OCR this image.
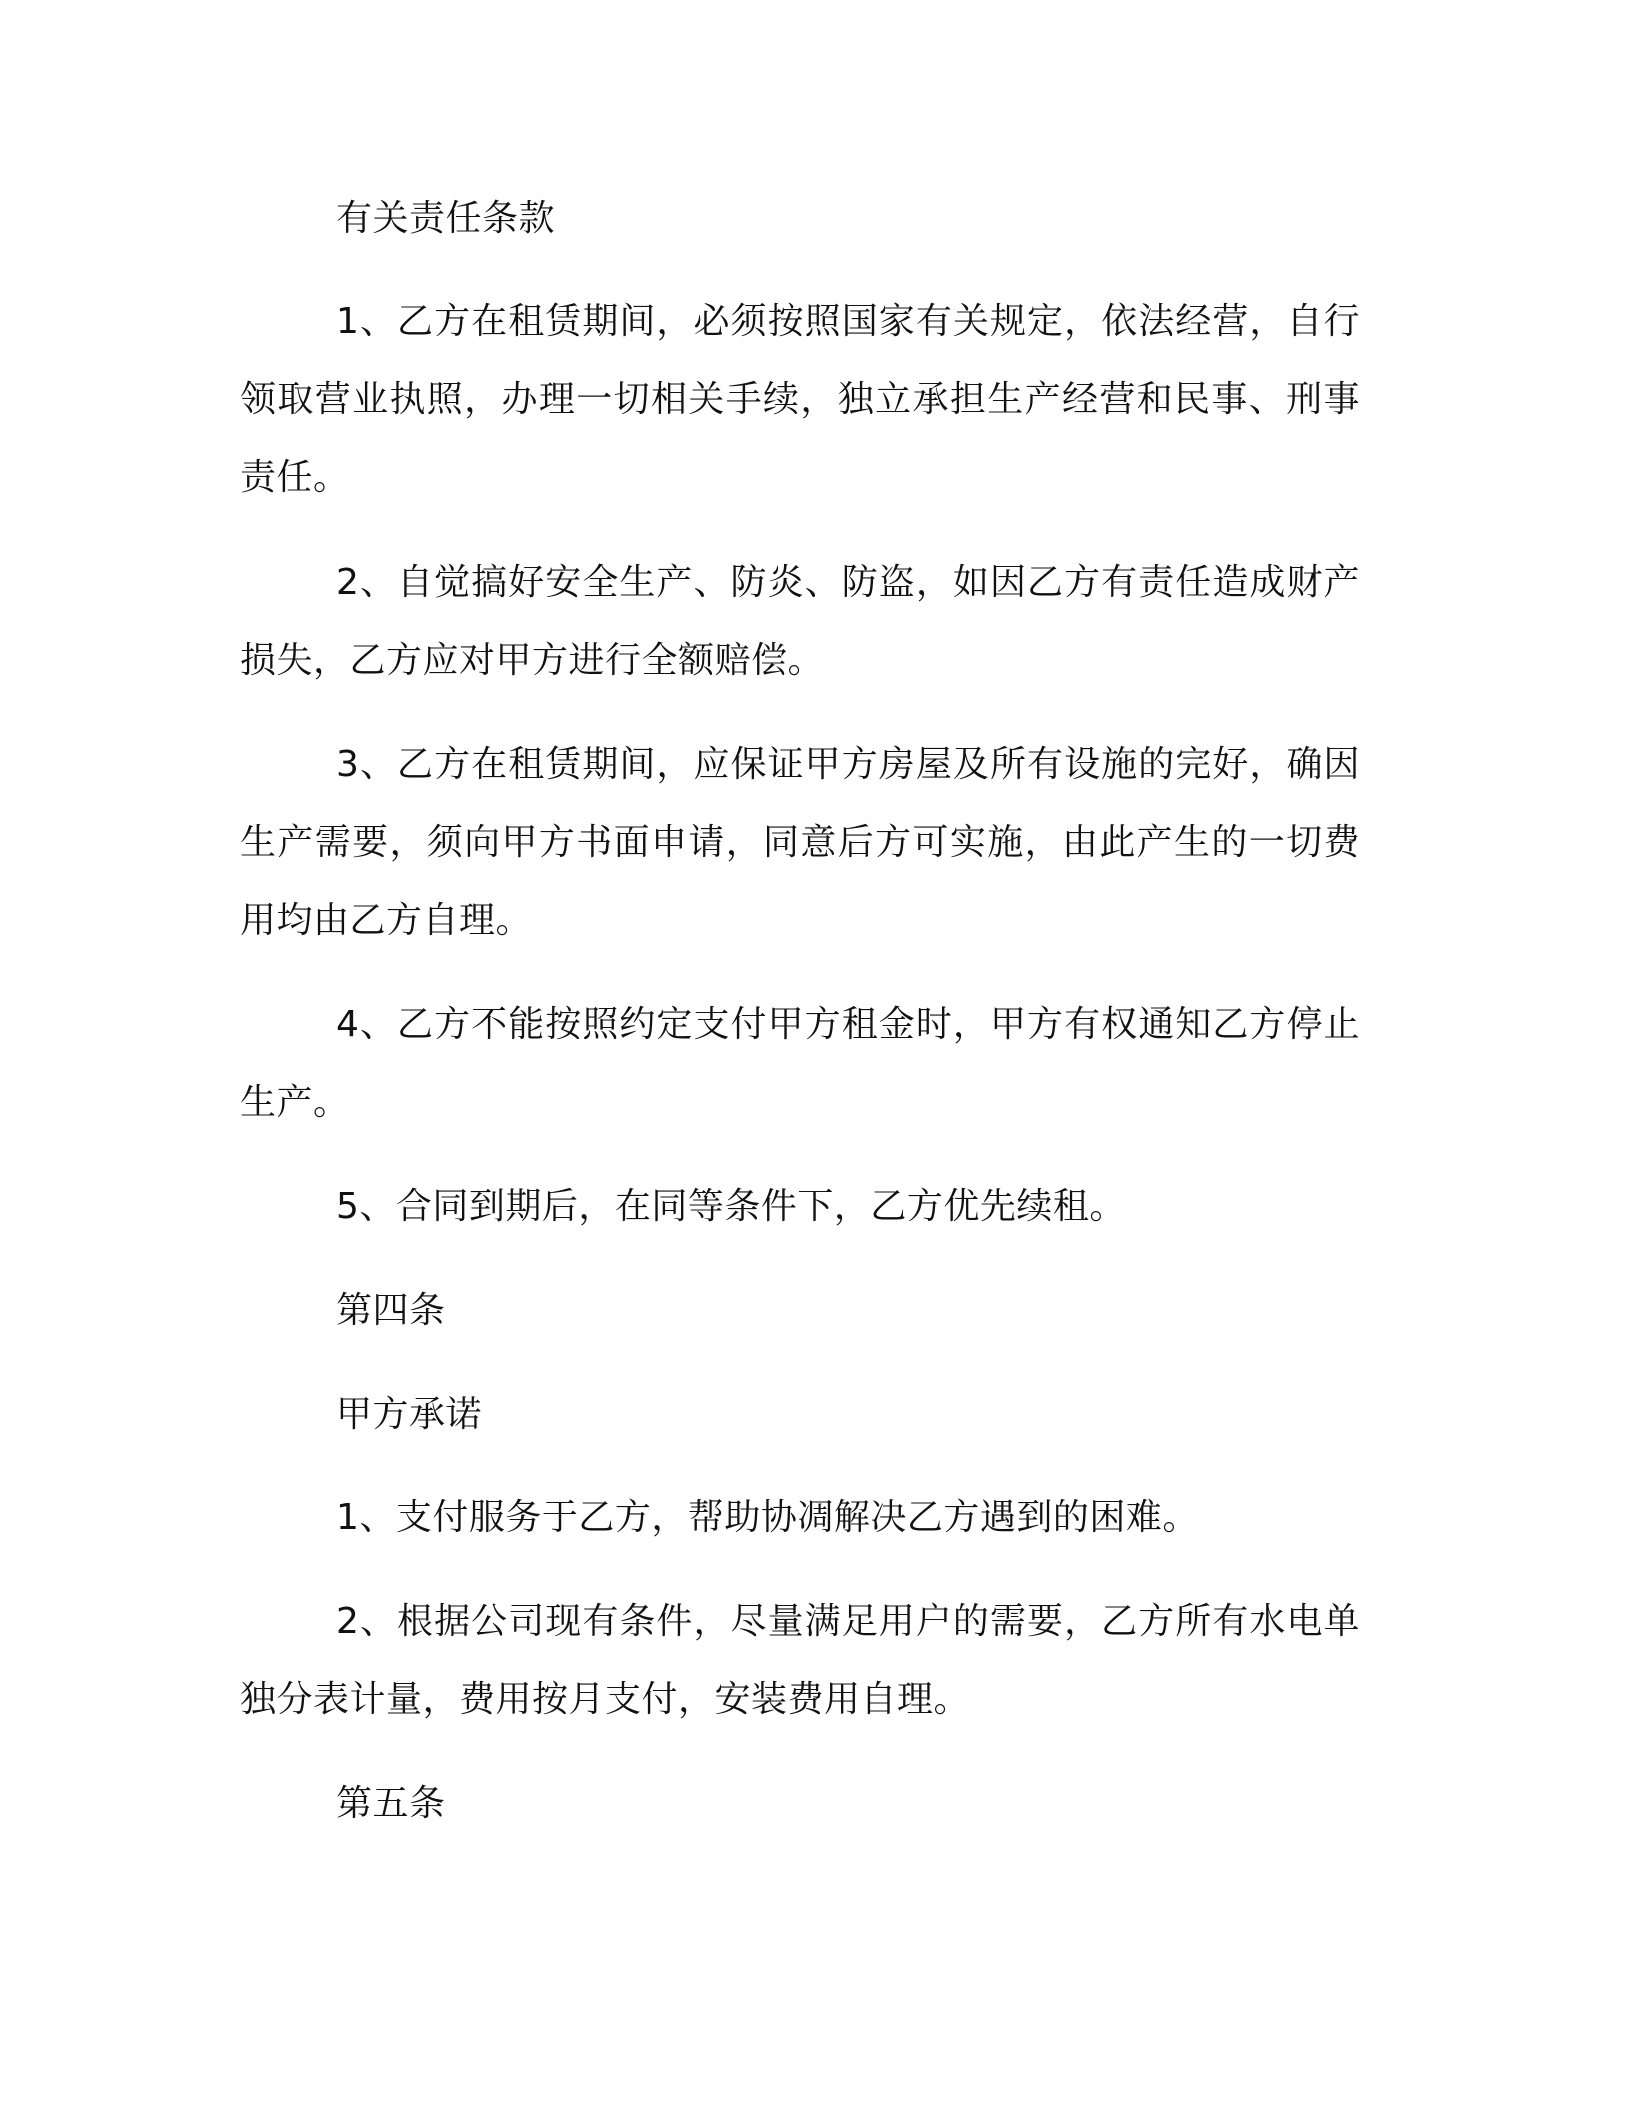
有关责任条款

1、乙方在租赁期间，必须按照国家有关规定，依法经营，自行领取营业执照，办理一切相关手续，独立承担生产经营和民事、刑事责任。

2、自觉搞好安全生产、防炎、防盗，如因乙方有责任造成财产损失，乙方应对甲方进行全额赔偿。

3、乙方在租赁期间，应保证甲方房屋及所有设施的完好，确因生产需要，须向甲方书面申请，同意后方可实施，由此产生的一切费用均由乙方自理。

4、乙方不能按照约定支付甲方租金时，甲方有权通知乙方停止生产。

5、合同到期后，在同等条件下，乙方优先续租。

第四条

甲方承诺

1、支付服务于乙方，帮助协凋解决乙方遇到的困难。

2、根据公司现有条件，尽量满足用户的需要，乙方所有水电单独分表计量，费用按月支付，安装费用自理。

第五条
